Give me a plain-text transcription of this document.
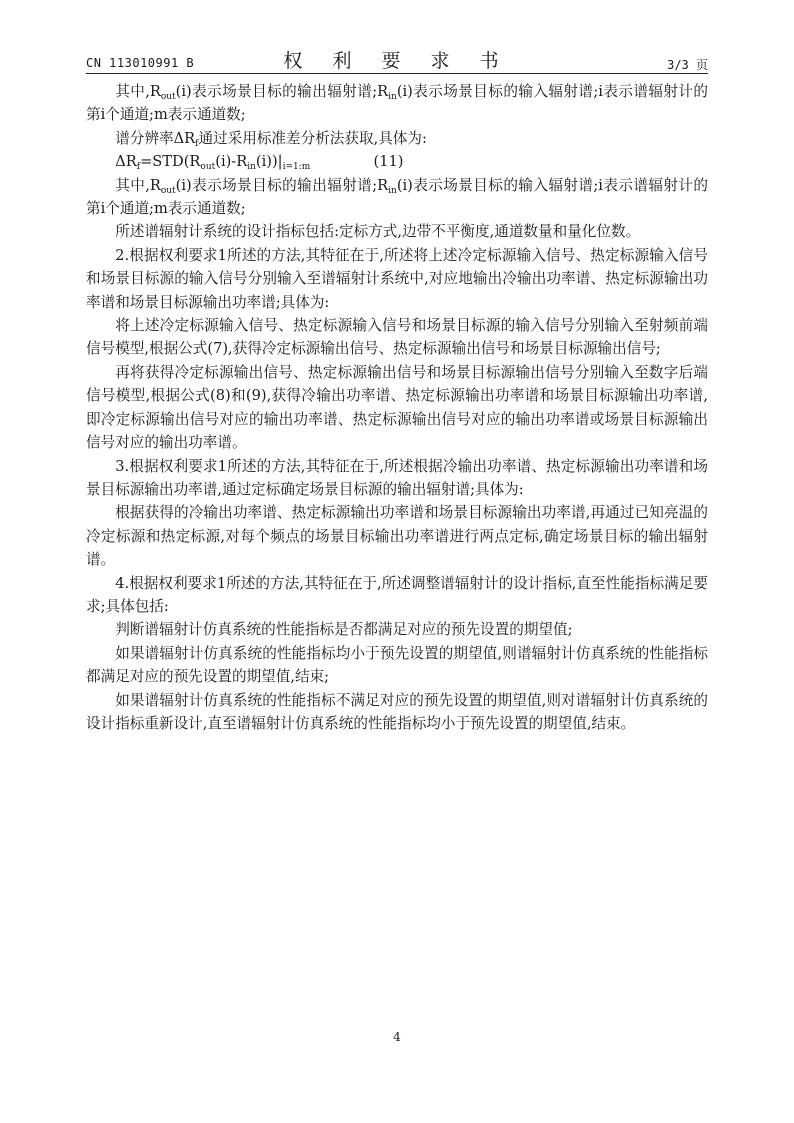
CN 113010991 B	权 利 要 求 书	3/3 页

其中$,R_{out}(i)$表示场景目标的输出辐射谱$;R_{in}(i)$表示场景目标的输入辐射谱;i表示谱辐射计的第i个通道;m表示通道数;

谱分辨率$\Delta R_f$通过采用标准差分析法获取,具体为:

$\Delta R_f=STD(R_{out}(i)-R_{in}(i))|_{i=1:m}$	(11)

其中$,R_{out}(i)$表示场景目标的输出辐射谱$;R_{in}(i)$表示场景目标的输入辐射谱;i表示谱辐射计的第i个通道;m表示通道数;

所述谱辐射计系统的设计指标包括:定标方式,边带不平衡度,通道数量和量化位数。

2.根据权利要求1所述的方法,其特征在于,所述将上述冷定标源输入信号、热定标源输入信号和场景目标源的输入信号分别输入至谱辐射计系统中,对应地输出冷输出功率谱、热定标源输出功率谱和场景目标源输出功率谱;具体为:

将上述冷定标源输入信号、热定标源输入信号和场景目标源的输入信号分别输入至射频前端信号模型,根据公式(7),获得冷定标源输出信号、热定标源输出信号和场景目标源输出信号;

再将获得冷定标源输出信号、热定标源输出信号和场景目标源输出信号分别输入至数字后端信号模型,根据公式(8)和(9),获得冷输出功率谱、热定标源输出功率谱和场景目标源输出功率谱,即冷定标源输出信号对应的输出功率谱、热定标源输出信号对应的输出功率谱或场景目标源输出信号对应的输出功率谱。

3.根据权利要求1所述的方法,其特征在于,所述根据冷输出功率谱、热定标源输出功率谱和场景目标源输出功率谱,通过定标确定场景目标源的输出辐射谱;具体为:

根据获得的冷输出功率谱、热定标源输出功率谱和场景目标源输出功率谱,再通过已知亮温的冷定标源和热定标源,对每个频点的场景目标输出功率谱进行两点定标,确定场景目标的输出辐射谱。

4.根据权利要求1所述的方法,其特征在于,所述调整谱辐射计的设计指标,直至性能指标满足要求;具体包括:

判断谱辐射计仿真系统的性能指标是否都满足对应的预先设置的期望值;

如果谱辐射计仿真系统的性能指标均小于预先设置的期望值,则谱辐射计仿真系统的性能指标都满足对应的预先设置的期望值,结束;

如果谱辐射计仿真系统的性能指标不满足对应的预先设置的期望值,则对谱辐射计仿真系统的设计指标重新设计,直至谱辐射计仿真系统的性能指标均小于预先设置的期望值,结束。

4
